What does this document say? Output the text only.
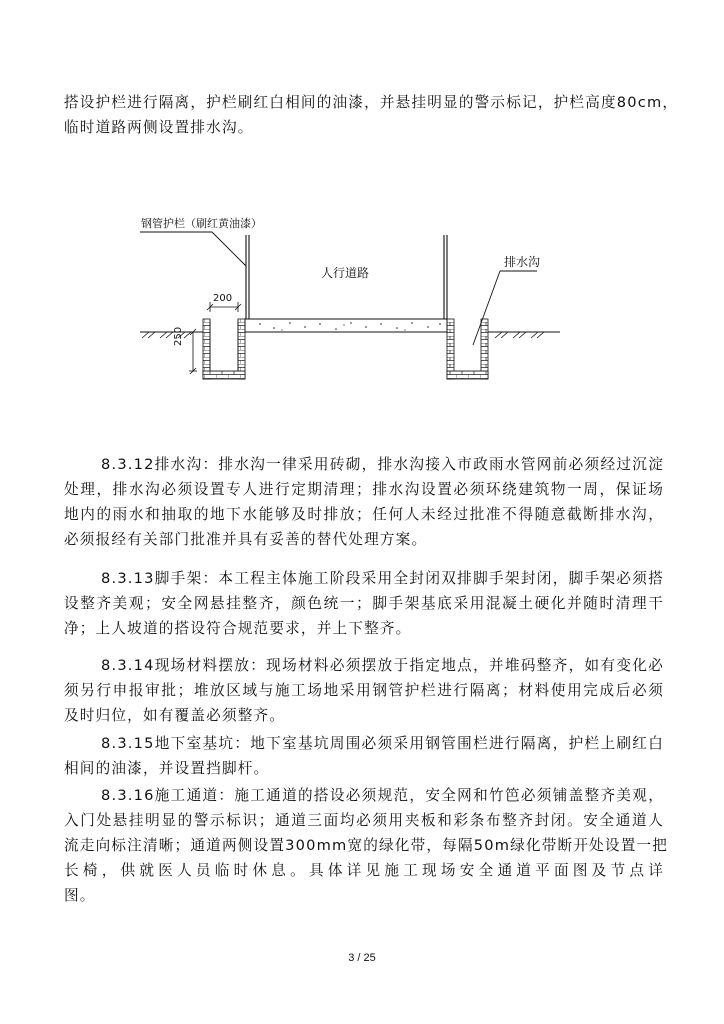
搭设护栏进行隔离，护栏刷红白相间的油漆，并悬挂明显的警示标记，护栏高度80cm，
临时道路两侧设置排水沟。

钢管护栏（刷红黄油漆）
人行道路
排水沟
200
250

8.3.12排水沟：排水沟一律采用砖砌，排水沟接入市政雨水管网前必须经过沉淀
处理，排水沟必须设置专人进行定期清理；排水沟设置必须环绕建筑物一周，保证场
地内的雨水和抽取的地下水能够及时排放；任何人未经过批准不得随意截断排水沟，
必须报经有关部门批准并具有妥善的替代处理方案。

8.3.13脚手架：本工程主体施工阶段采用全封闭双排脚手架封闭，脚手架必须搭
设整齐美观；安全网悬挂整齐，颜色统一；脚手架基底采用混凝土硬化并随时清理干
净；上人坡道的搭设符合规范要求，并上下整齐。

8.3.14现场材料摆放：现场材料必须摆放于指定地点，并堆码整齐，如有变化必
须另行申报审批；堆放区域与施工场地采用钢管护栏进行隔离；材料使用完成后必须
及时归位，如有覆盖必须整齐。

8.3.15地下室基坑：地下室基坑周围必须采用钢管围栏进行隔离，护栏上刷红白
相间的油漆，并设置挡脚杆。

8.3.16施工通道：施工通道的搭设必须规范，安全网和竹笆必须铺盖整齐美观，
入门处悬挂明显的警示标识；通道三面均必须用夹板和彩条布整齐封闭。安全通道人
流走向标注清晰；通道两侧设置300mm宽的绿化带，每隔50m绿化带断开处设置一把
长椅，供就医人员临时休息。具体详见施工现场安全通道平面图及节点详
图。

3 / 25
